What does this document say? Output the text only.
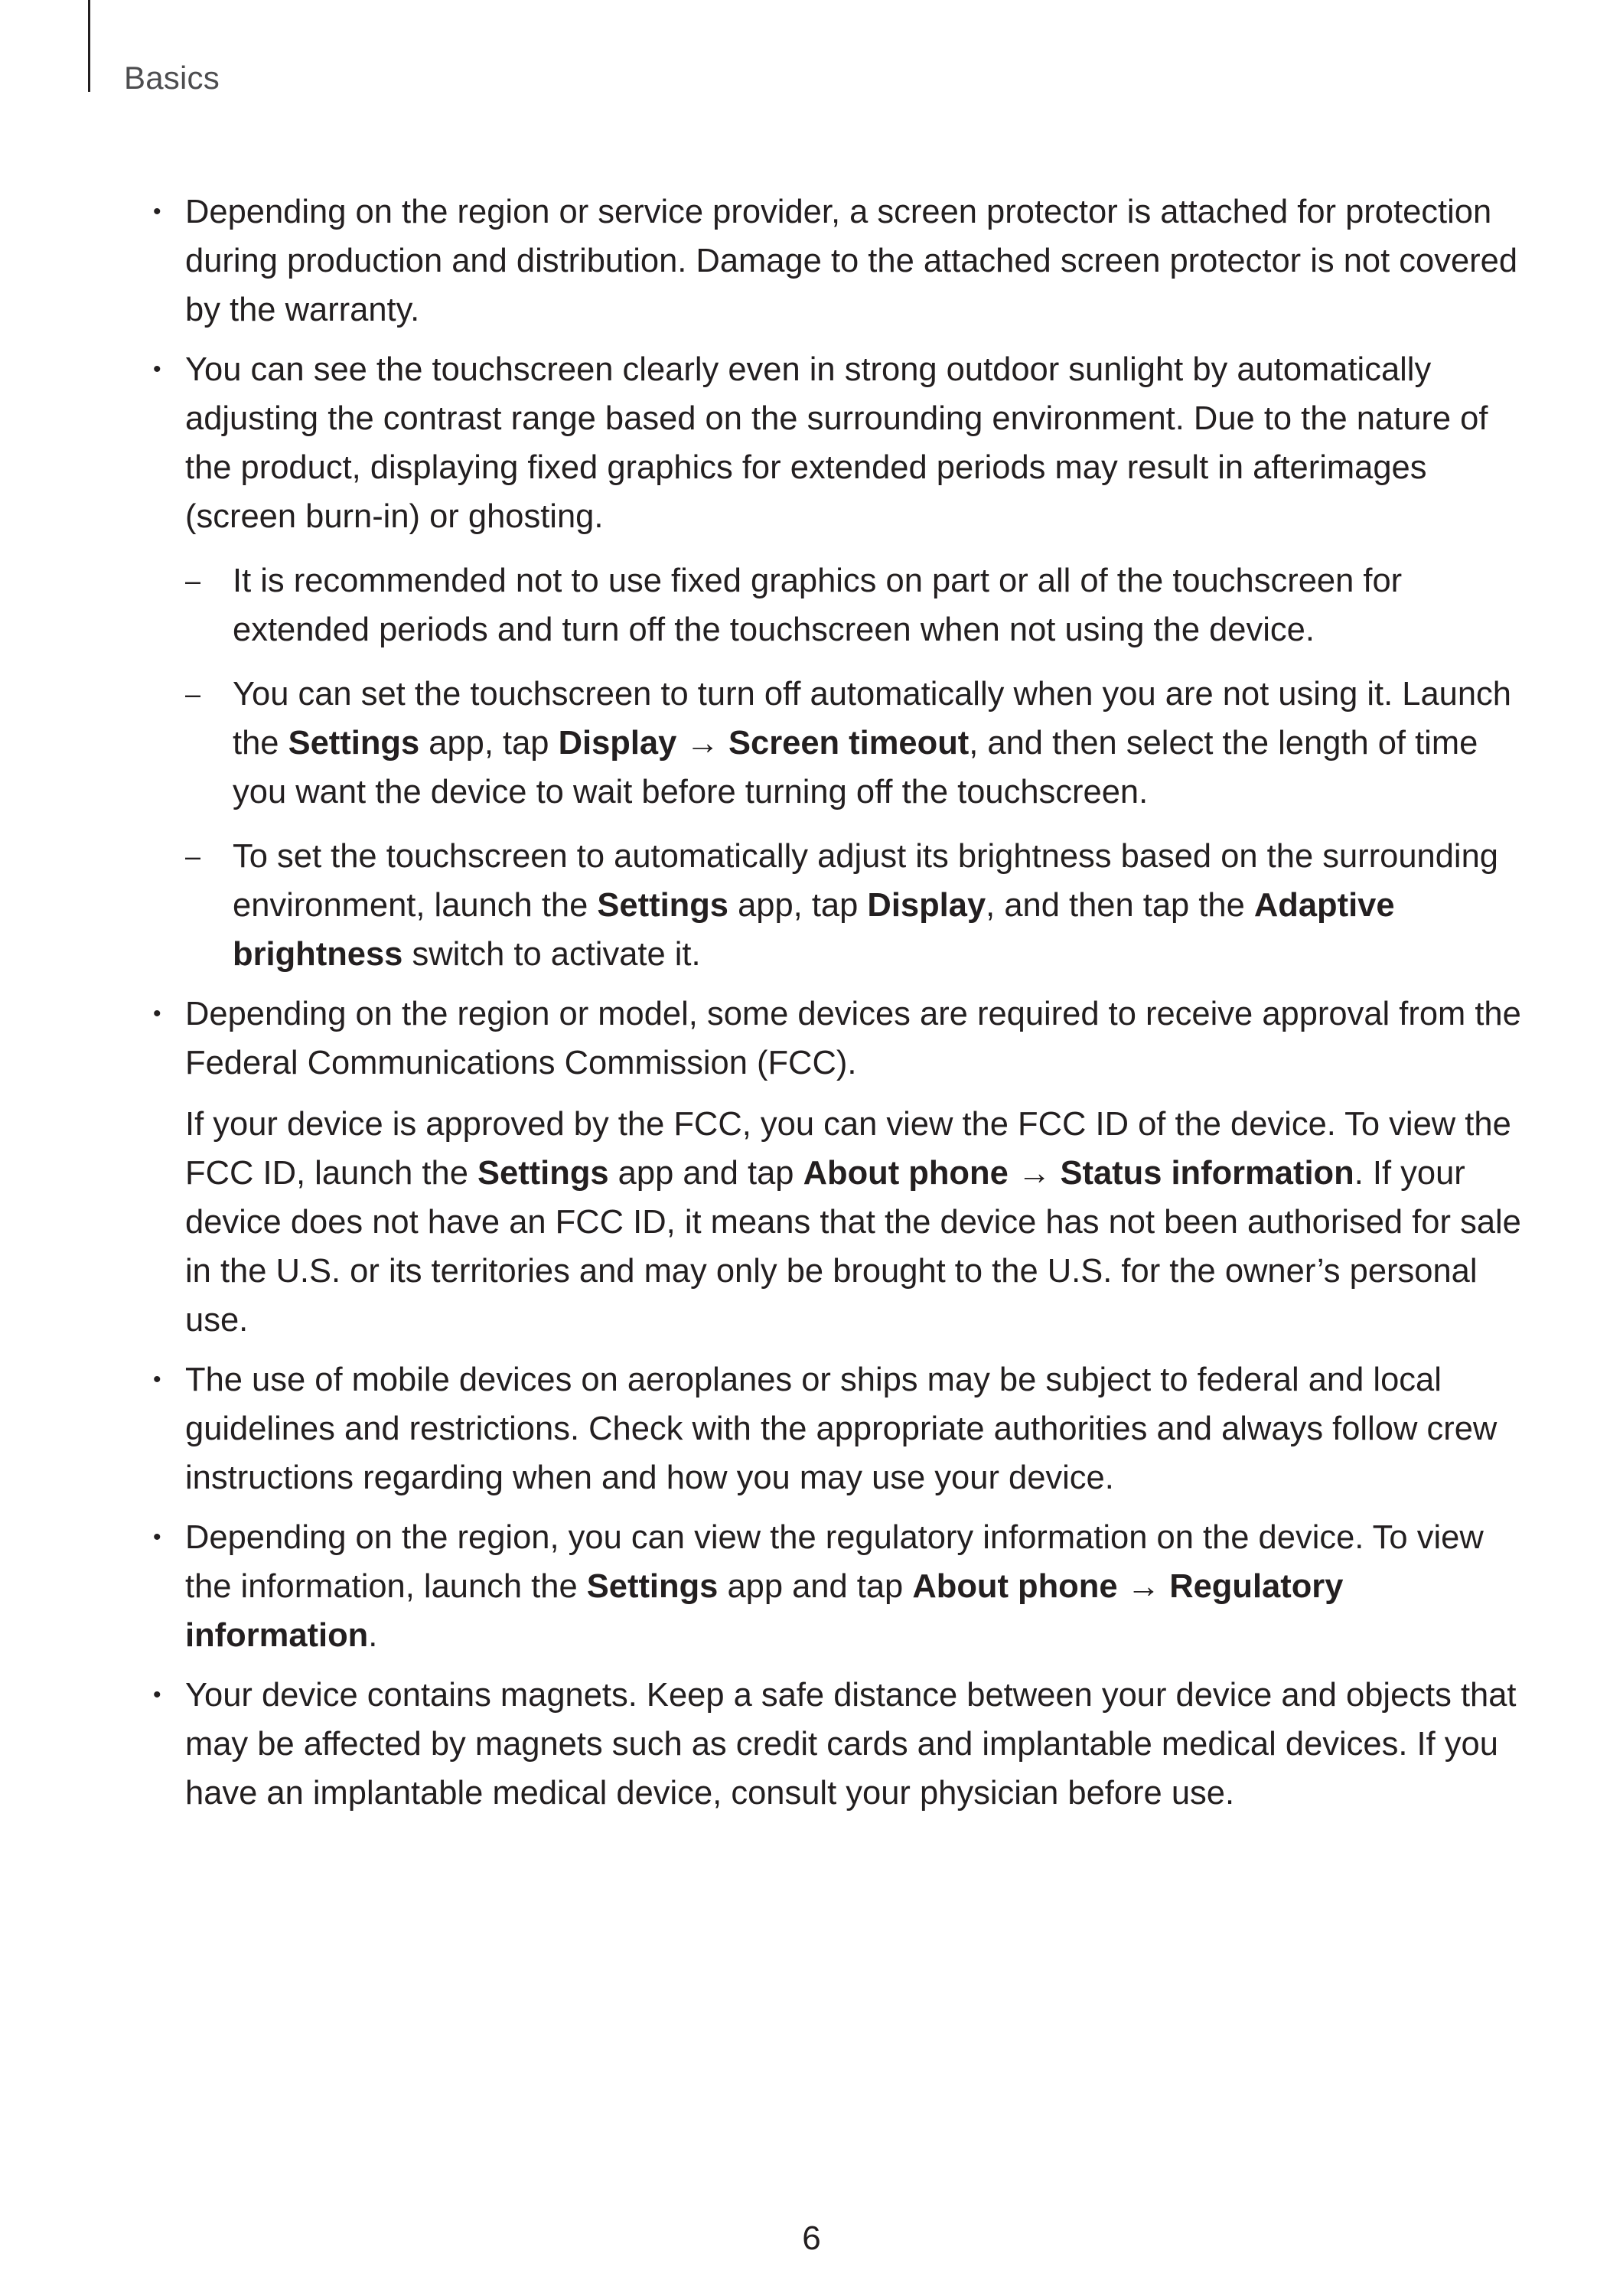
Basics
• Depending on the region or service provider, a screen protector is attached for protection during production and distribution. Damage to the attached screen protector is not covered by the warranty.

• You can see the touchscreen clearly even in strong outdoor sunlight by automatically adjusting the contrast range based on the surrounding environment. Due to the nature of the product, displaying fixed graphics for extended periods may result in afterimages (screen burn-in) or ghosting.

– It is recommended not to use fixed graphics on part or all of the touchscreen for extended periods and turn off the touchscreen when not using the device.

– You can set the touchscreen to turn off automatically when you are not using it. Launch the Settings app, tap Display → Screen timeout, and then select the length of time you want the device to wait before turning off the touchscreen.

– To set the touchscreen to automatically adjust its brightness based on the surrounding environment, launch the Settings app, tap Display, and then tap the Adaptive brightness switch to activate it.

• Depending on the region or model, some devices are required to receive approval from the Federal Communications Commission (FCC).

If your device is approved by the FCC, you can view the FCC ID of the device. To view the FCC ID, launch the Settings app and tap About phone → Status information. If your device does not have an FCC ID, it means that the device has not been authorised for sale in the U.S. or its territories and may only be brought to the U.S. for the owner’s personal use.

• The use of mobile devices on aeroplanes or ships may be subject to federal and local guidelines and restrictions. Check with the appropriate authorities and always follow crew instructions regarding when and how you may use your device.

• Depending on the region, you can view the regulatory information on the device. To view the information, launch the Settings app and tap About phone → Regulatory information.

• Your device contains magnets. Keep a safe distance between your device and objects that may be affected by magnets such as credit cards and implantable medical devices. If you have an implantable medical device, consult your physician before use.

6
